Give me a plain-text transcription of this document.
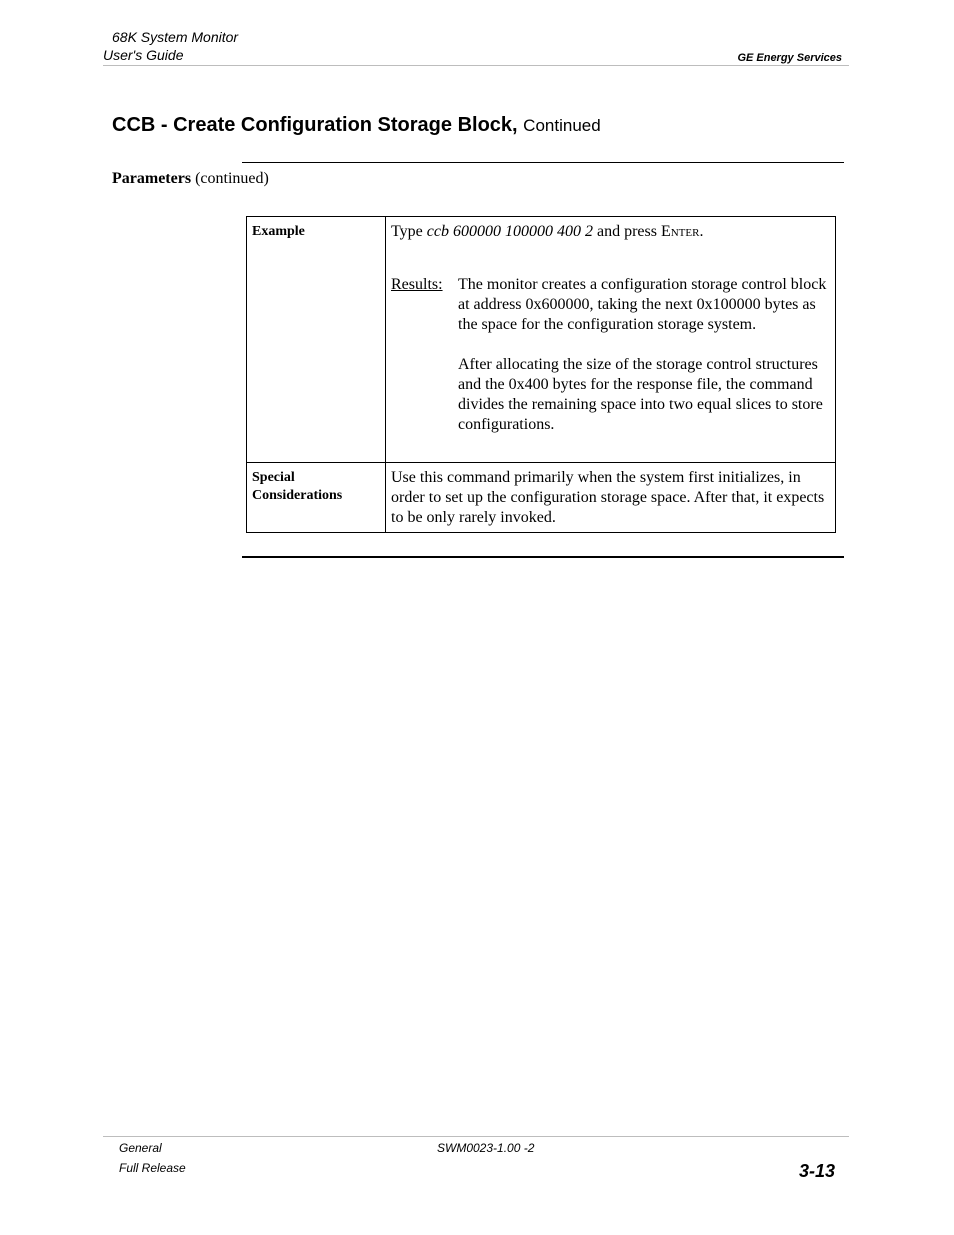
68K System Monitor
User's Guide	GE Energy Services
CCB - Create Configuration Storage Block, Continued
Parameters (continued)
Example	Type ccb 600000 100000 400 2 and press Enter.
Results: The monitor creates a configuration storage control block at address 0x600000, taking the next 0x100000 bytes as the space for the configuration storage system.

After allocating the size of the storage control structures and the 0x400 bytes for the response file, the command divides the remaining space into two equal slices to store configurations.

Special Considerations	Use this command primarily when the system first initializes, in order to set up the configuration storage space. After that, it expects to be only rarely invoked.
General
Full Release
SWM0023-1.00 -2
3-13
